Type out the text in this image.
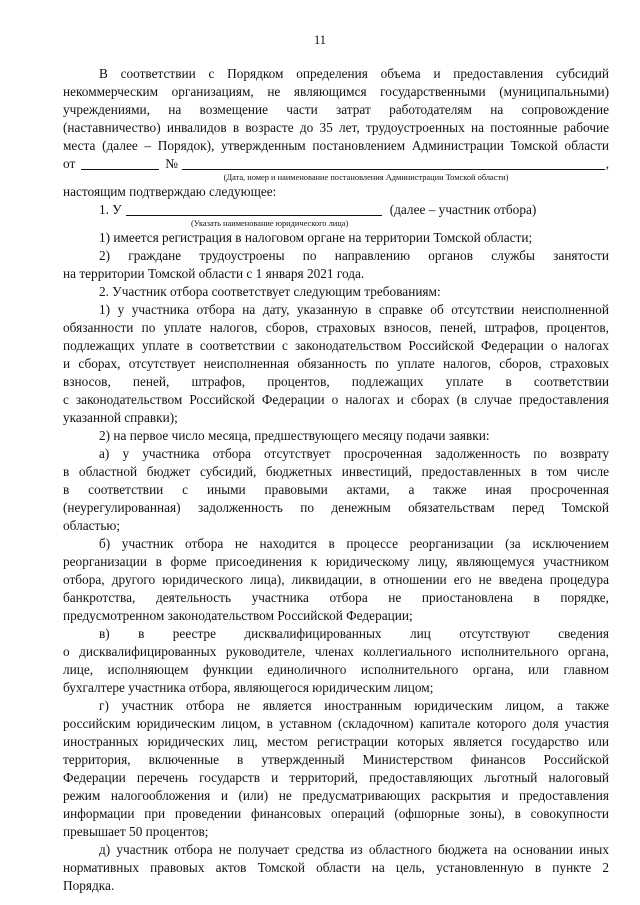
11

В соответствии с Порядком определения объема и предоставления субсидий

некоммерческим организациям, не являющимся государственными (муниципальными)

учреждениями, на возмещение части затрат работодателям на сопровождение

(наставничество) инвалидов в возрасте до 35 лет, трудоустроенных на постоянные рабочие

места (далее – Порядок), утвержденным постановлением Администрации Томской области

от	№	,
(Дата, номер и наименование постановления Администрации Томской области)

настоящим подтверждаю следующее:

1. У	(далее – участник отбора)
(Указать наименование юридического лица)

1) имеется регистрация в налоговом органе на территории Томской области;

2) граждане трудоустроены по направлению органов службы занятости

на территории Томской области с 1 января 2021 года.

2. Участник отбора соответствует следующим требованиям:

1) у участника отбора на дату, указанную в справке об отсутствии неисполненной

обязанности по уплате налогов, сборов, страховых взносов, пеней, штрафов, процентов,

подлежащих уплате в соответствии с законодательством Российской Федерации о налогах

и сборах, отсутствует неисполненная обязанность по уплате налогов, сборов, страховых

взносов, пеней, штрафов, процентов, подлежащих уплате в соответствии

с законодательством Российской Федерации о налогах и сборах (в случае предоставления

указанной справки);

2) на первое число месяца, предшествующего месяцу подачи заявки:

а) у участника отбора отсутствует просроченная задолженность по возврату

в областной бюджет субсидий, бюджетных инвестиций, предоставленных в том числе

в соответствии с иными правовыми актами, а также иная просроченная

(неурегулированная) задолженность по денежным обязательствам перед Томской

областью;

б) участник отбора не находится в процессе реорганизации (за исключением

реорганизации в форме присоединения к юридическому лицу, являющемуся участником

отбора, другого юридического лица), ликвидации, в отношении его не введена процедура

банкротства, деятельность участника отбора не приостановлена в порядке,

предусмотренном законодательством Российской Федерации;

в) в реестре дисквалифицированных лиц отсутствуют сведения

о дисквалифицированных руководителе, членах коллегиального исполнительного органа,

лице, исполняющем функции единоличного исполнительного органа, или главном

бухгалтере участника отбора, являющегося юридическим лицом;

г) участник отбора не является иностранным юридическим лицом, а также

российским юридическим лицом, в уставном (складочном) капитале которого доля участия

иностранных юридических лиц, местом регистрации которых является государство или

территория, включенные в утвержденный Министерством финансов Российской

Федерации перечень государств и территорий, предоставляющих льготный налоговый

режим налогообложения и (или) не предусматривающих раскрытия и предоставления

информации при проведении финансовых операций (офшорные зоны), в совокупности

превышает 50 процентов;

д) участник отбора не получает средства из областного бюджета на основании иных

нормативных правовых актов Томской области на цель, установленную в пункте 2

Порядка.
